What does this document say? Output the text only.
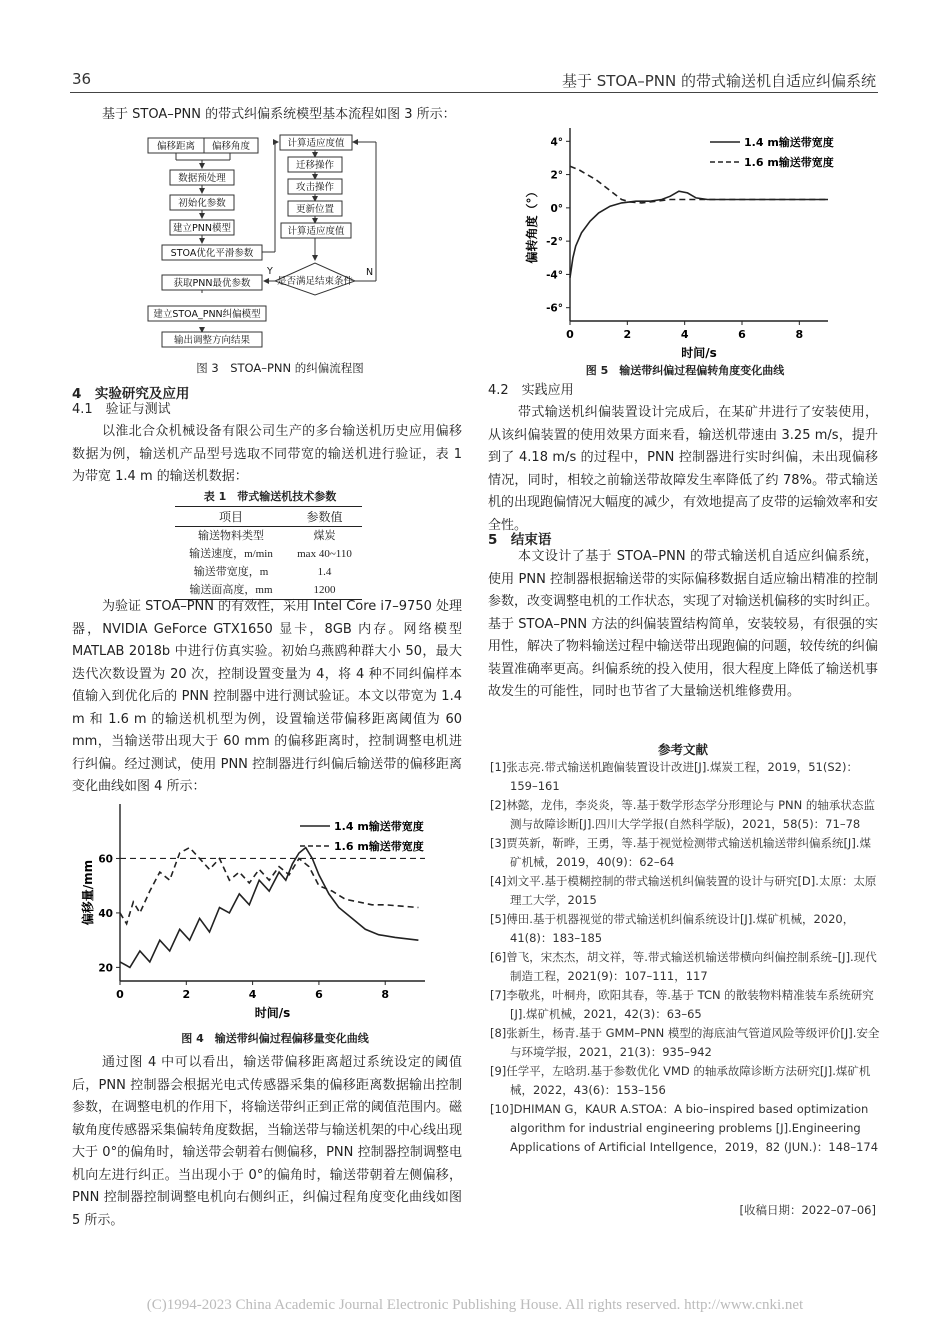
36	基于 STOA–PNN 的带式输送机自适应纠偏系统
基于 STOA–PNN 的带式纠偏系统模型基本流程如图 3 所示：
偏移距离 偏移角度
数据预处理
初始化参数
建立PNN模型
STOA优化平滑参数
获取PNN最优参数
建立STOA_PNN纠偏模型
输出调整方向结果
计算适应度值
迁移操作
攻击操作
更新位置
计算适应度值
是否满足结束条件
Y	N
图 3　STOA–PNN 的纠偏流程图
4　实验研究及应用
4.1　验证与测试
以淮北合众机械设备有限公司生产的多台输送机历史应用偏移数据为例，输送机产品型号选取不同带宽的输送机进行验证，表 1 为带宽 1.4 m 的输送机数据：
表 1　带式输送机技术参数
项目	参数值
输送物料类型	煤炭
输送速度，m/min	max 40~110
输送带宽度，m	1.4
输送面高度，mm	1200
为验证 STOA–PNN 的有效性，采用 Intel Core i7–9750 处理器，NVIDIA GeForce GTX1650 显卡，8GB 内存。网络模型 MATLAB 2018b 中进行仿真实验。初始乌燕鸥种群大小 50，最大迭代次数设置为 20 次，控制设置变量为 4，将 4 种不同纠偏样本值输入到优化后的 PNN 控制器中进行测试验证。本文以带宽为 1.4 m 和 1.6 m 的输送机机型为例，设置输送带偏移距离阈值为 60 mm，当输送带出现大于 60 mm 的偏移距离时，控制调整电机进行纠偏。经过测试，使用 PNN 控制器进行纠偏后输送带的偏移距离变化曲线如图 4 所示：
0	2	4	6	8
20
40
60
1.4 m输送带宽度
1.6 m输送带宽度
时间/s
偏移量/mm
图 4　输送带纠偏过程偏移量变化曲线
通过图 4 中可以看出，输送带偏移距离超过系统设定的阈值后，PNN 控制器会根据光电式传感器采集的偏移距离数据输出控制参数，在调整电机的作用下，将输送带纠正到正常的阈值范围内。磁敏角度传感器采集偏转角度数据，当输送带与输送机架的中心线出现大于 0°的偏角时，输送带会朝着右侧偏移，PNN 控制器控制调整电机向左进行纠正。当出现小于 0°的偏角时，输送带朝着左侧偏移，PNN 控制器控制调整电机向右侧纠正，纠偏过程角度变化曲线如图 5 所示。
0	2	4	6	8
4°
2°
0°
-2°
-4°
-6°
1.4 m输送带宽度
1.6 m输送带宽度
时间/s
偏转角度（°）
图 5　输送带纠偏过程偏转角度变化曲线
4.2　实践应用
带式输送机纠偏装置设计完成后，在某矿井进行了安装使用，从该纠偏装置的使用效果方面来看，输送机带速由 3.25 m/s，提升到了 4.18 m/s 的过程中，PNN 控制器进行实时纠偏，未出现偏移情况，同时，相较之前输送带故障发生率降低了约 78%。带式输送机的出现跑偏情况大幅度的减少，有效地提高了皮带的运输效率和安全性。
5　结束语
本文设计了基于 STOA–PNN 的带式输送机自适应纠偏系统，使用 PNN 控制器根据输送带的实际偏移数据自适应输出精准的控制参数，改变调整电机的工作状态，实现了对输送机偏移的实时纠正。基于 STOA–PNN 方法的纠偏装置结构简单，安装较易，有很强的实用性，解决了物料输送过程中输送带出现跑偏的问题，较传统的纠偏装置准确率更高。纠偏系统的投入使用，很大程度上降低了输送机事故发生的可能性，同时也节省了大量输送机维修费用。
参考文献
[1]张志亮.带式输送机跑偏装置设计改进[J].煤炭工程，2019，51(S2)：159–161
[2]林懿，龙伟，李炎炎，等.基于数学形态学分形理论与 PNN 的轴承状态监测与故障诊断[J].四川大学学报(自然科学版)，2021，58(5)：71–78
[3]贾英新，靳晔，王勇，等.基于视觉检测带式输送机输送带纠偏系统[J].煤矿机械，2019，40(9)：62–64
[4]刘文平.基于模糊控制的带式输送机纠偏装置的设计与研究[D].太原：太原理工大学，2015
[5]傅田.基于机器视觉的带式输送机纠偏系统设计[J].煤矿机械，2020，41(8)：183–185
[6]曾飞，宋杰杰，胡文祥，等.带式输送机输送带横向纠偏控制系统–[J].现代制造工程，2021(9)：107–111，117
[7]李敬兆，叶桐舟，欧阳其春，等.基于 TCN 的散装物料精准装车系统研究[J].煤矿机械，2021，42(3)：63–65
[8]张新生，杨青.基于 GMM–PNN 模型的海底油气管道风险等级评价[J].安全与环境学报，2021，21(3)：935–942
[9]任学平，左晗玥.基于参数优化 VMD 的轴承故障诊断方法研究[J].煤矿机械，2022，43(6)：153–156
[10]DHIMAN G，KAUR A.STOA：A bio–inspired based optimization algorithm for industrial engineering problems [J].Engineering Applications of Artificial Intellgence，2019，82 (JUN.)：148–174
[收稿日期：2022–07–06]
(C)1994-2023 China Academic Journal Electronic Publishing House. All rights reserved. http://www.cnki.net
